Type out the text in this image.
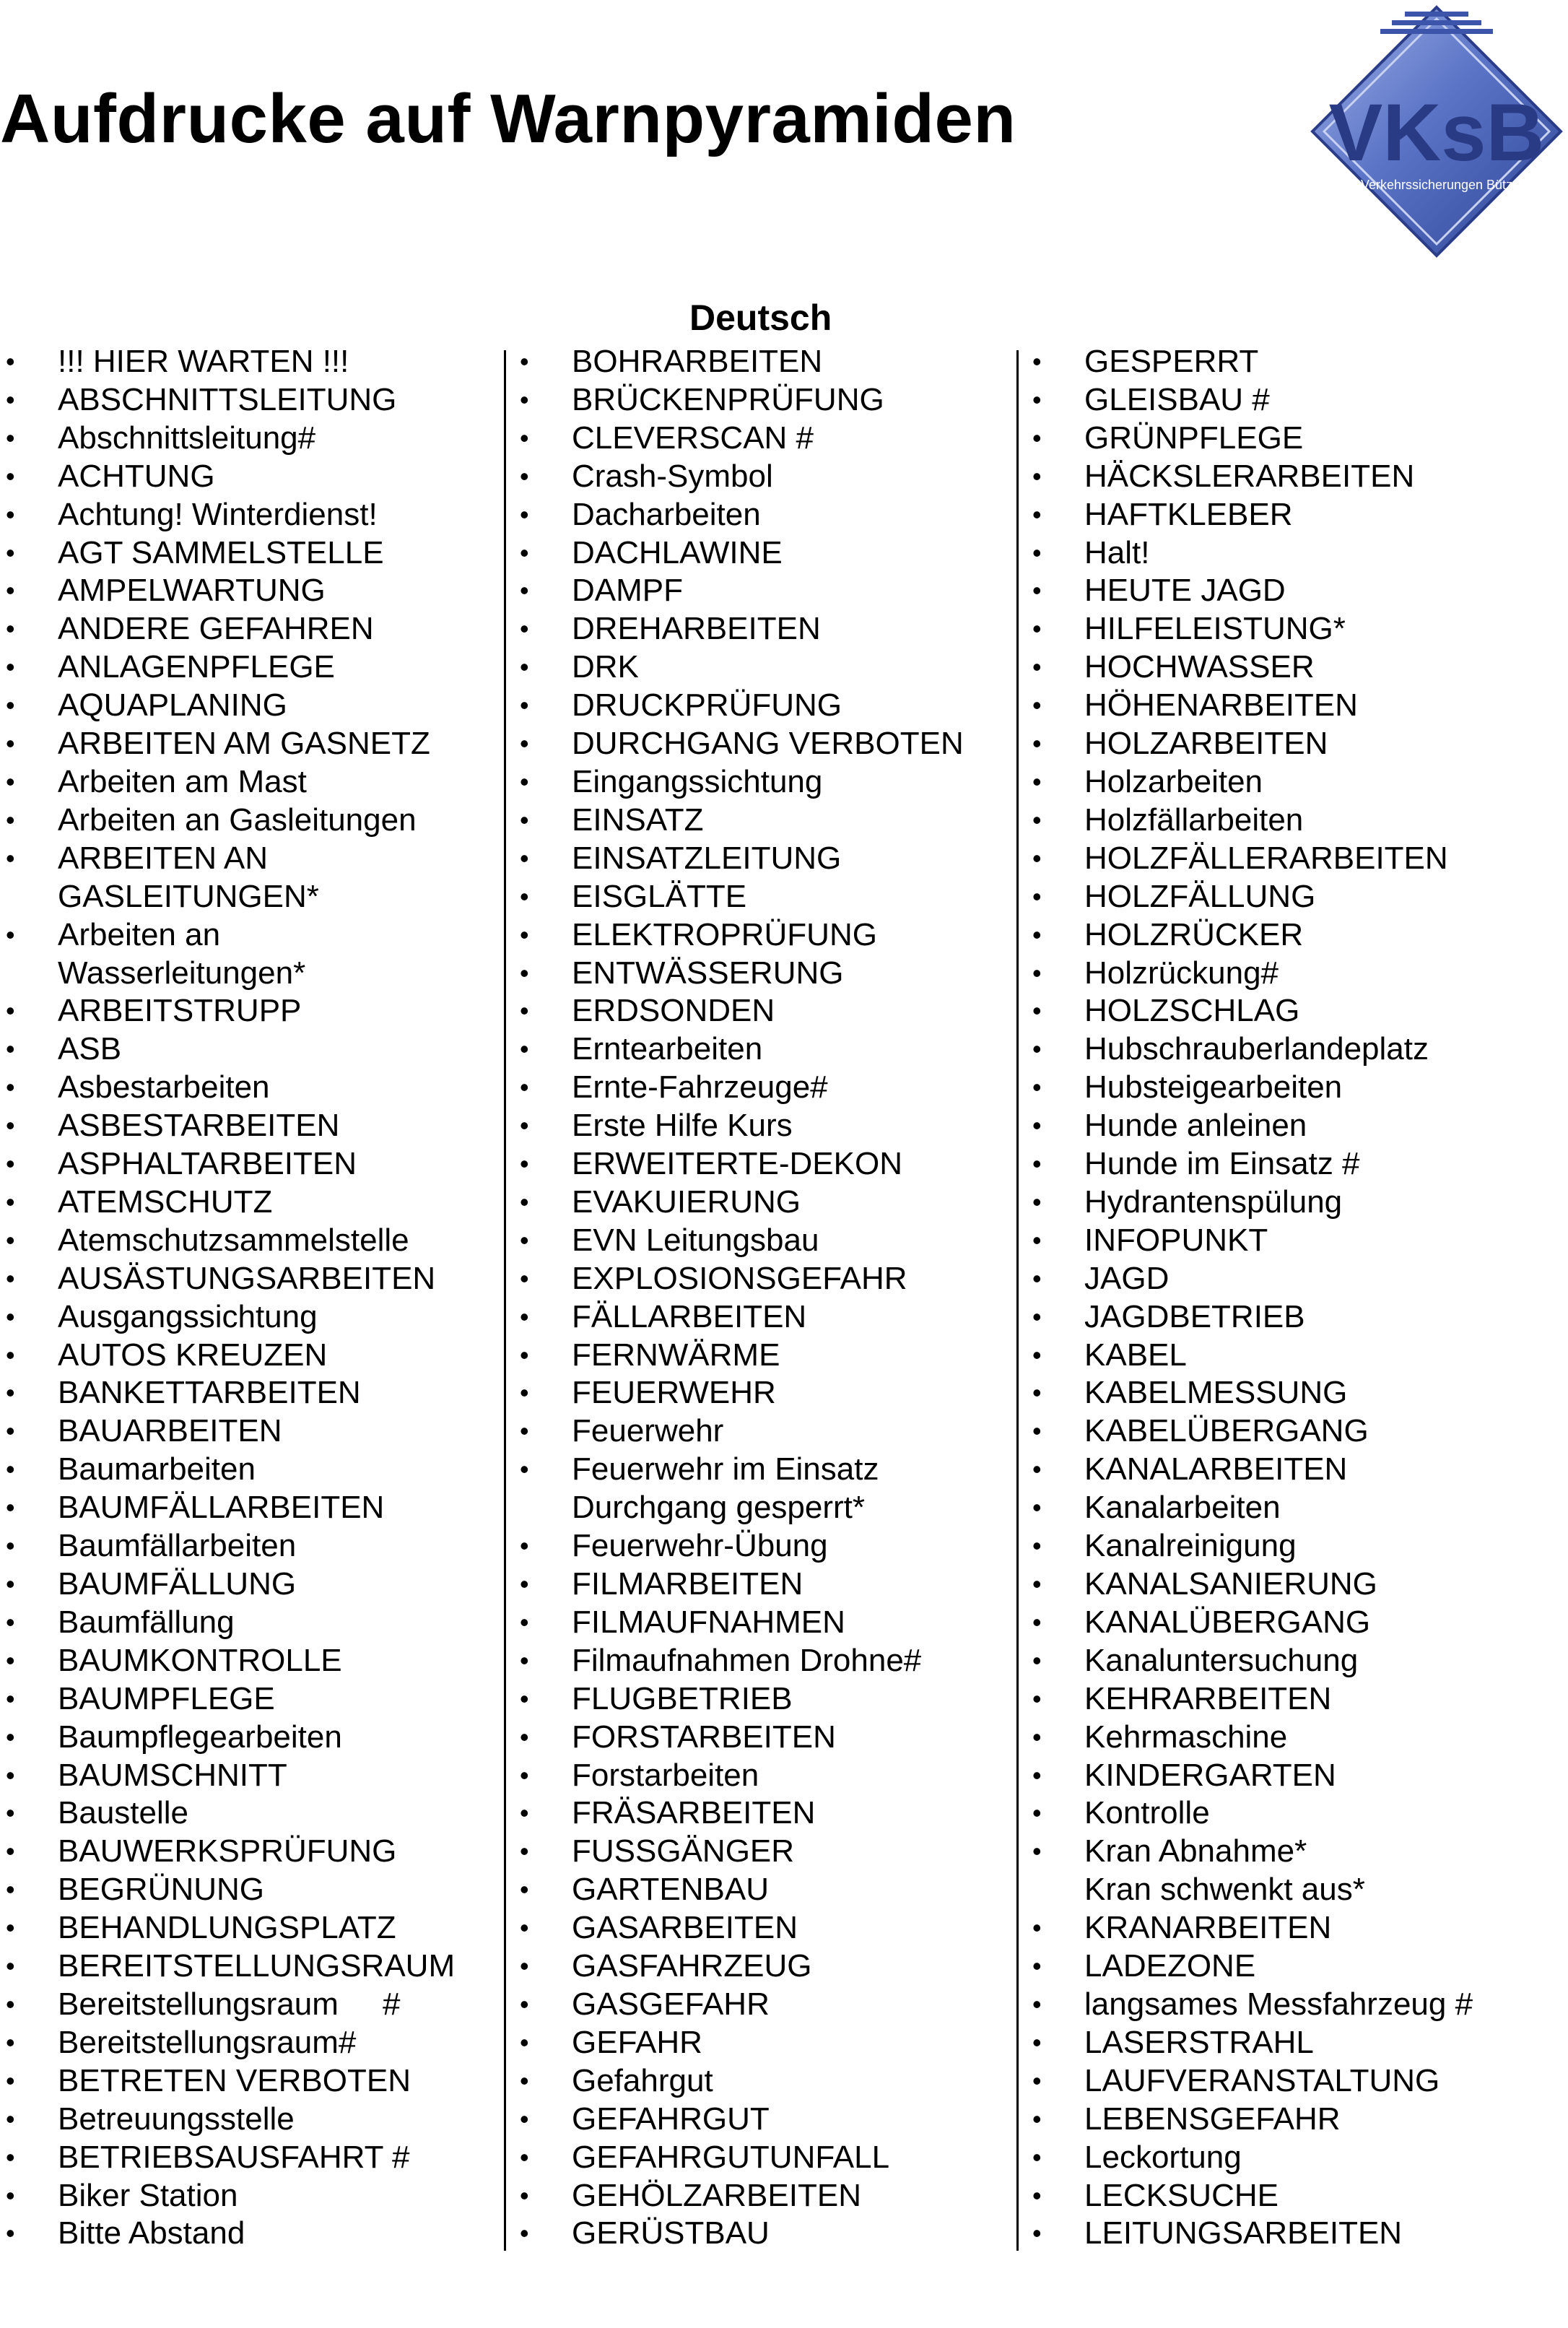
Aufdrucke auf Warnpyramiden	VKsB
Verkehrssicherungen Bütz
Deutsch
• !!! HIER WARTEN !!!
• ABSCHNITTSLEITUNG
• Abschnittsleitung#
• ACHTUNG
• Achtung! Winterdienst!
• AGT SAMMELSTELLE
• AMPELWARTUNG
• ANDERE GEFAHREN
• ANLAGENPFLEGE
• AQUAPLANING
• ARBEITEN AM GASNETZ
• Arbeiten am Mast
• Arbeiten an Gasleitungen
• ARBEITEN AN
GASLEITUNGEN*
• Arbeiten an
Wasserleitungen*
• ARBEITSTRUPP
• ASB
• Asbestarbeiten
• ASBESTARBEITEN
• ASPHALTARBEITEN
• ATEMSCHUTZ
• Atemschutzsammelstelle
• AUSÄSTUNGSARBEITEN
• Ausgangssichtung
• AUTOS KREUZEN
• BANKETTARBEITEN
• BAUARBEITEN
• Baumarbeiten
• BAUMFÄLLARBEITEN
• Baumfällarbeiten
• BAUMFÄLLUNG
• Baumfällung
• BAUMKONTROLLE
• BAUMPFLEGE
• Baumpflegearbeiten
• BAUMSCHNITT
• Baustelle
• BAUWERKSPRÜFUNG
• BEGRÜNUNG
• BEHANDLUNGSPLATZ
• BEREITSTELLUNGSRAUM
• Bereitstellungsraum     #
• Bereitstellungsraum#
• BETRETEN VERBOTEN
• Betreuungsstelle
• BETRIEBSAUSFAHRT #
• Biker Station
• Bitte Abstand
• BOHRARBEITEN
• BRÜCKENPRÜFUNG
• CLEVERSCAN #
• Crash-Symbol
• Dacharbeiten
• DACHLAWINE
• DAMPF
• DREHARBEITEN
• DRK
• DRUCKPRÜFUNG
• DURCHGANG VERBOTEN
• Eingangssichtung
• EINSATZ
• EINSATZLEITUNG
• EISGLÄTTE
• ELEKTROPRÜFUNG
• ENTWÄSSERUNG
• ERDSONDEN
• Erntearbeiten
• Ernte-Fahrzeuge#
• Erste Hilfe Kurs
• ERWEITERTE-DEKON
• EVAKUIERUNG
• EVN Leitungsbau
• EXPLOSIONSGEFAHR
• FÄLLARBEITEN
• FERNWÄRME
• FEUERWEHR
• Feuerwehr
• Feuerwehr im Einsatz
Durchgang gesperrt*
• Feuerwehr-Übung
• FILMARBEITEN
• FILMAUFNAHMEN
• Filmaufnahmen Drohne#
• FLUGBETRIEB
• FORSTARBEITEN
• Forstarbeiten
• FRÄSARBEITEN
• FUSSGÄNGER
• GARTENBAU
• GASARBEITEN
• GASFAHRZEUG
• GASGEFAHR
• GEFAHR
• Gefahrgut
• GEFAHRGUT
• GEFAHRGUTUNFALL
• GEHÖLZARBEITEN
• GERÜSTBAU
• GESPERRT
• GLEISBAU #
• GRÜNPFLEGE
• HÄCKSLERARBEITEN
• HAFTKLEBER
• Halt!
• HEUTE JAGD
• HILFELEISTUNG*
• HOCHWASSER
• HÖHENARBEITEN
• HOLZARBEITEN
• Holzarbeiten
• Holzfällarbeiten
• HOLZFÄLLERARBEITEN
• HOLZFÄLLUNG
• HOLZRÜCKER
• Holzrückung#
• HOLZSCHLAG
• Hubschrauberlandeplatz
• Hubsteigearbeiten
• Hunde anleinen
• Hunde im Einsatz #
• Hydrantenspülung
• INFOPUNKT
• JAGD
• JAGDBETRIEB
• KABEL
• KABELMESSUNG
• KABELÜBERGANG
• KANALARBEITEN
• Kanalarbeiten
• Kanalreinigung
• KANALSANIERUNG
• KANALÜBERGANG
• Kanaluntersuchung
• KEHRARBEITEN
• Kehrmaschine
• KINDERGARTEN
• Kontrolle
• Kran Abnahme*
Kran schwenkt aus*
• KRANARBEITEN
• LADEZONE
• langsames Messfahrzeug #
• LASERSTRAHL
• LAUFVERANSTALTUNG
• LEBENSGEFAHR
• Leckortung
• LECKSUCHE
• LEITUNGSARBEITEN
